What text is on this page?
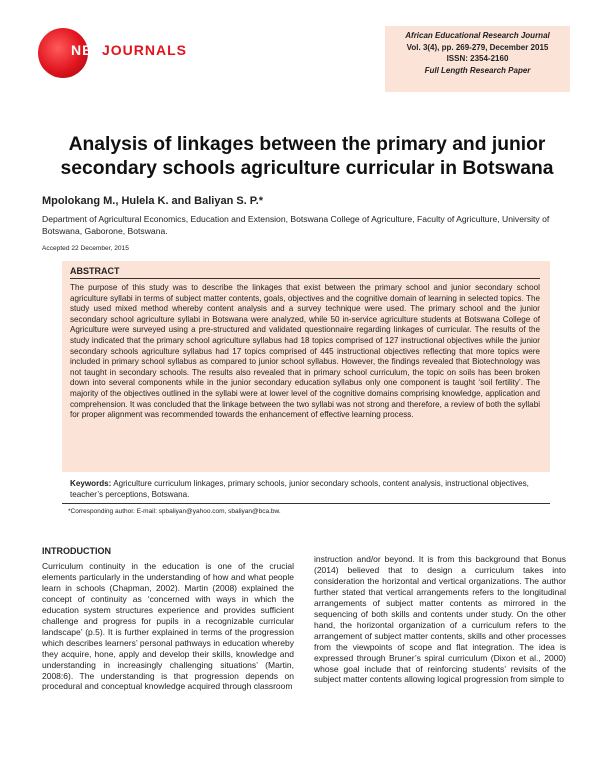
NETJOURNALS
African Educational Research Journal
Vol. 3(4), pp. 269-279, December 2015
ISSN: 2354-2160
Full Length Research Paper
Analysis of linkages between the primary and junior secondary schools agriculture curricular in Botswana
Mpolokang M., Hulela K. and Baliyan S. P.*
Department of Agricultural Economics, Education and Extension, Botswana College of Agriculture, Faculty of Agriculture, University of Botswana, Gaborone, Botswana.
Accepted 22 December, 2015
ABSTRACT

The purpose of this study was to describe the linkages that exist between the primary school and junior secondary school agriculture syllabi in terms of subject matter contents, goals, objectives and the cognitive domain of learning in selected topics. The study used mixed method whereby content analysis and a survey technique were used. The primary school and the junior secondary school agriculture syllabi in Botswana were analyzed, while 50 in-service agriculture students at Botswana College of Agriculture were surveyed using a pre-structured and validated questionnaire regarding linkages of curricular. The results of the study indicated that the primary school agriculture syllabus had 18 topics comprised of 127 instructional objectives while the junior secondary schools agriculture syllabus had 17 topics comprised of 445 instructional objectives reflecting that more topics were included in primary school syllabus as compared to junior school syllabus. However, the findings revealed that Biotechnology was not taught in secondary schools. The results also revealed that in primary school curriculum, the topic on soils has been broken down into several components while in the junior secondary education syllabus only one component is taught ‘soil fertility’. The majority of the objectives outlined in the syllabi were at lower level of the cognitive domains comprising knowledge, application and comprehension. It was concluded that the linkage between the two syllabi was not strong and therefore, a review of both the syllabi for proper alignment was recommended towards the enhancement of effective learning process.

Keywords: Agriculture curriculum linkages, primary schools, junior secondary schools, content analysis, instructional objectives, teacher’s perceptions, Botswana.
*Corresponding author. E-mail: spbaliyan@yahoo.com, sbaliyan@bca.bw.
INTRODUCTION

Curriculum continuity in the education is one of the crucial elements particularly in the understanding of how and what people learn in schools (Chapman, 2002). Martin (2008) explained the concept of continuity as ‘concerned with ways in which the education system structures experience and provides sufficient challenge and progress for pupils in a recognizable curricular landscape’ (p.5). It is further explained in terms of the progression which describes learners’ personal pathways in education whereby they acquire, hone, apply and develop their skills, knowledge and understanding in increasingly challenging situations’ (Martin, 2008:6). The understanding is that progression depends on procedural and conceptual knowledge acquired through classroom

instruction and/or beyond. It is from this background that Bonus (2014) believed that to design a curriculum takes into consideration the horizontal and vertical organizations. The author further stated that vertical arrangements refers to the longitudinal arrangements of subject matter contents as mirrored in the sequencing of both skills and contents under study. On the other hand, the horizontal organization of a curriculum refers to the arrangement of subject matter contents, skills and other processes from the viewpoints of scope and flat integration. The idea is expressed through Bruner’s spiral curriculum (Dixon et al., 2000) whose goal include that of reinforcing students’ revisits of the subject matter contents allowing logical progression from simple to
